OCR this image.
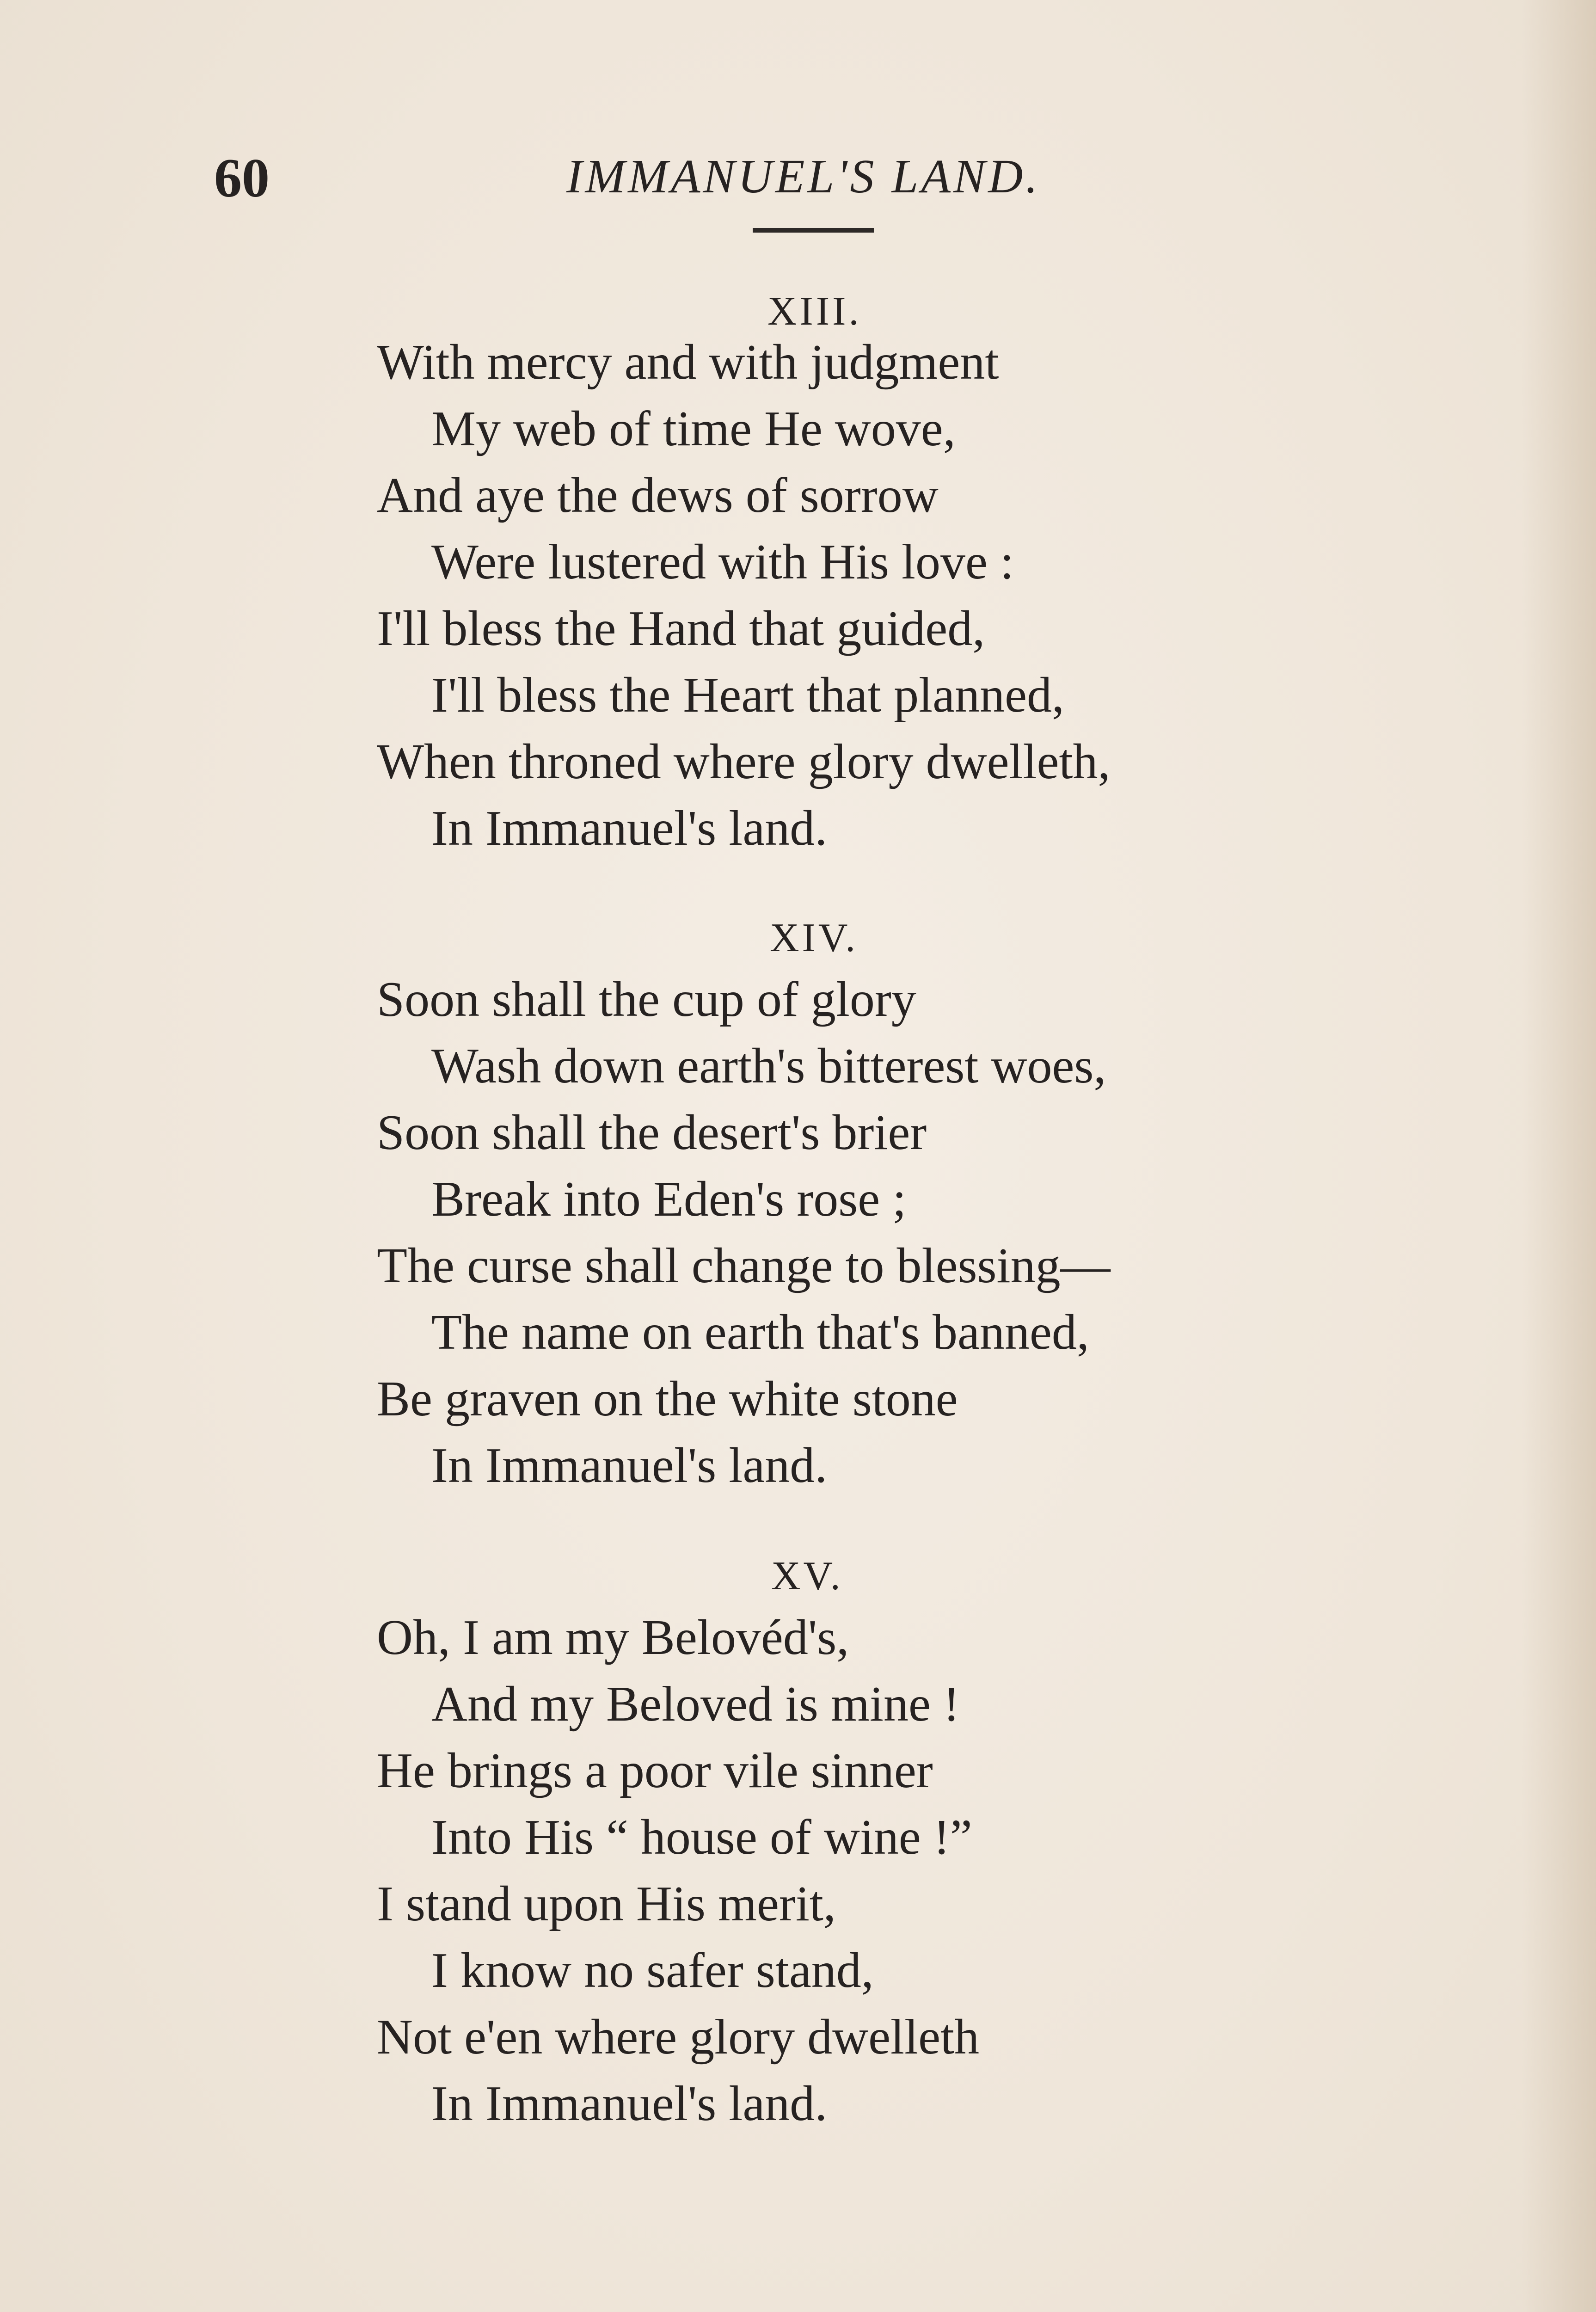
60	IMMANUEL'S LAND.
XIII.
With mercy and with judgment
My web of time He wove,
And aye the dews of sorrow
Were lustered with His love :
I'll bless the Hand that guided,
I'll bless the Heart that planned,
When throned where glory dwelleth,
In Immanuel's land.
XIV.
Soon shall the cup of glory
Wash down earth's bitterest woes,
Soon shall the desert's brier
Break into Eden's rose ;
The curse shall change to blessing—
The name on earth that's banned,
Be graven on the white stone
In Immanuel's land.
XV.
Oh, I am my Belovéd's,
And my Beloved is mine !
He brings a poor vile sinner
Into His “ house of wine !”
I stand upon His merit,
I know no safer stand,
Not e'en where glory dwelleth
In Immanuel's land.
